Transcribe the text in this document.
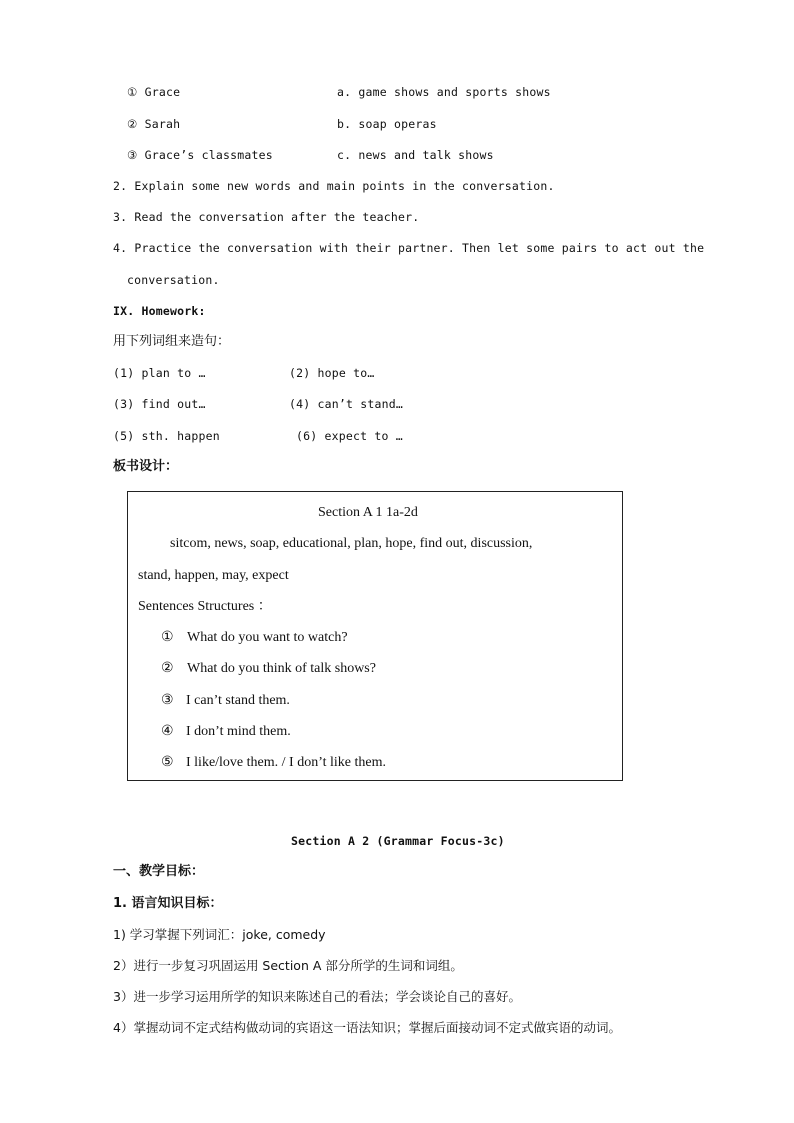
① Grace	a. game shows and sports shows
② Sarah	b. soap operas
③ Grace’s classmates	c. news and talk shows
2. Explain some new words and main points in the conversation.
3. Read the conversation after the teacher.
4. Practice the conversation with their partner. Then let some pairs to act out the
conversation.
IX. Homework:
用下列词组来造句：
(1) plan to …	(2) hope to…
(3) find out…	(4) can’t stand…
(5) sth. happen	(6) expect to …
板书设计：
Section A 1 1a-2d
sitcom, news, soap, educational, plan, hope, find out, discussion,
stand, happen, may, expect
Sentences Structures ：
① What do you want to watch?
② What do you think of talk shows?
③ I can’t stand them.
④ I don’t mind them.
⑤ I like/love them. / I don’t like them.
Section A 2 (Grammar Focus-3c)
一、教学目标：
1. 语言知识目标：
1) 学习掌握下列词汇：joke, comedy
2）进行一步复习巩固运用 Section A 部分所学的生词和词组。
3）进一步学习运用所学的知识来陈述自己的看法；学会谈论自己的喜好。
4）掌握动词不定式结构做动词的宾语这一语法知识；掌握后面接动词不定式做宾语的动词。
